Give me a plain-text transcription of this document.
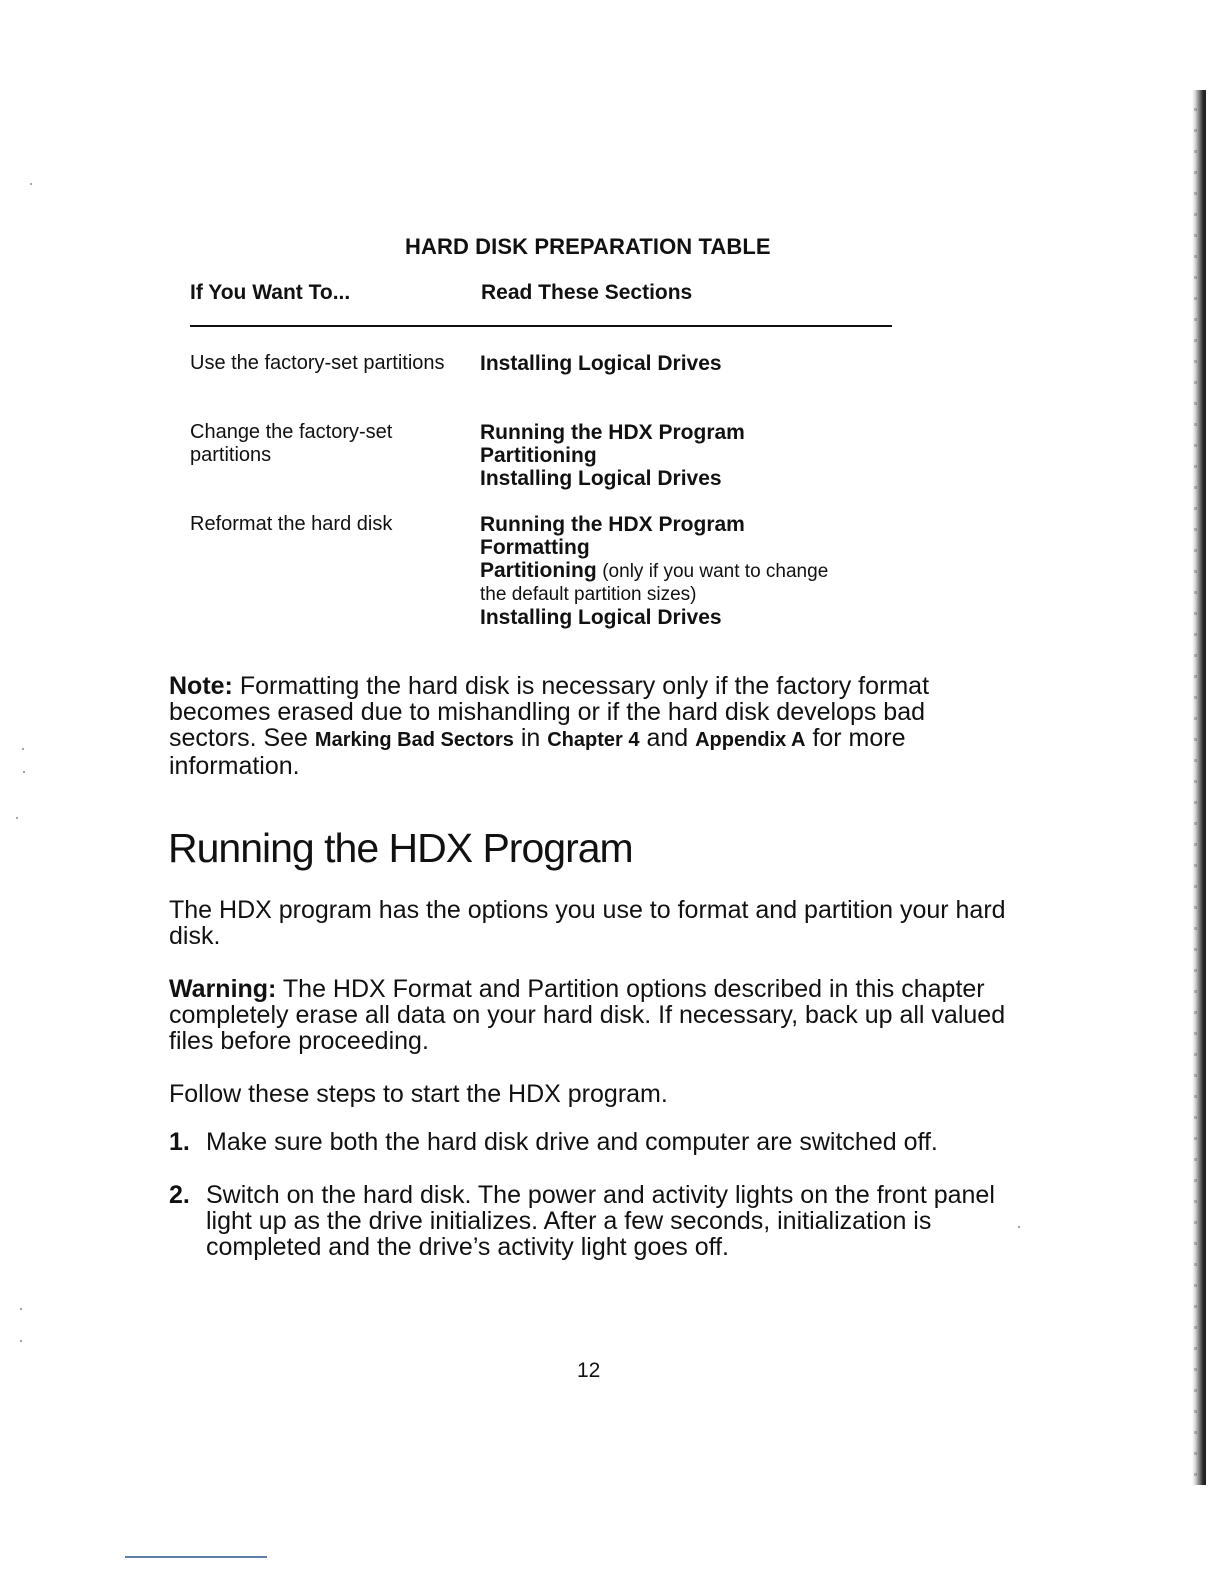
HARD DISK PREPARATION TABLE
If You Want To...	Read These Sections
Use the factory-set partitions Installing Logical Drives
Change the factory-set partitions
Running the HDX Program
Partitioning
Installing Logical Drives
Reformat the hard disk	Running the HDX Program
Formatting
Partitioning (only if you want to change the default partition sizes)
Installing Logical Drives

Note: Formatting the hard disk is necessary only if the factory format becomes erased due to mishandling or if the hard disk develops bad sectors. See Marking Bad Sectors in Chapter 4 and Appendix A for more information.

Running the HDX Program

The HDX program has the options you use to format and partition your hard disk.

Warning: The HDX Format and Partition options described in this chapter completely erase all data on your hard disk. If necessary, back up all valued files before proceeding.

Follow these steps to start the HDX program.

1. Make sure both the hard disk drive and computer are switched off.
2. Switch on the hard disk. The power and activity lights on the front panel light up as the drive initializes. After a few seconds, initialization is completed and the drive’s activity light goes off.
12
